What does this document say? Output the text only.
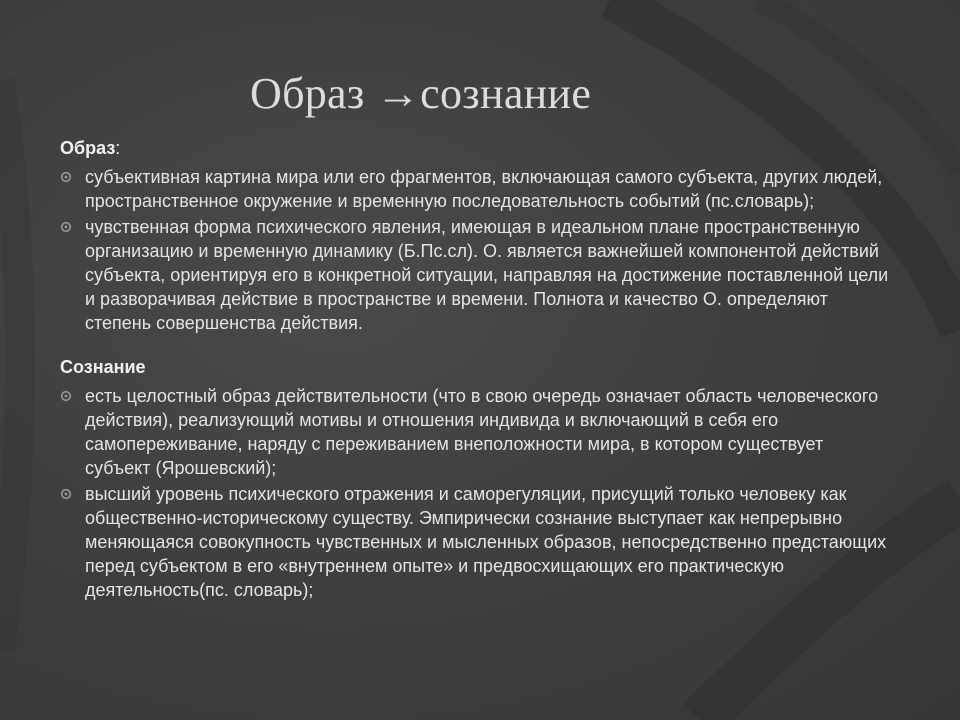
Образ →сознание
Образ:
субъективная картина мира или его фрагментов, включающая самого субъекта, других людей, пространственное окружение и временную последовательность событий (пс.словарь);
чувственная форма психического явления, имеющая в идеальном плане пространственную организацию и временную динамику (Б.Пс.сл). О. является важнейшей компонентой действий субъекта, ориентируя его в конкретной ситуации, направляя на достижение поставленной цели и разворачивая действие в пространстве и времени. Полнота и качество О. определяют степень совершенства действия.
Сознание
есть целостный образ действительности (что в свою очередь означает область человеческого действия), реализующий мотивы и отношения индивида и включающий в себя его самопереживание, наряду с переживанием внеположности мира, в котором существует субъект (Ярошевский);
высший уровень психического отражения и саморегуляции, присущий только человеку как общественно-историческому существу. Эмпирически сознание выступает как непрерывно меняющаяся совокупность чувственных и мысленных образов, непосредственно предстающих перед субъектом в его «внутреннем опыте» и предвосхищающих его практическую деятельность(пс. словарь);
